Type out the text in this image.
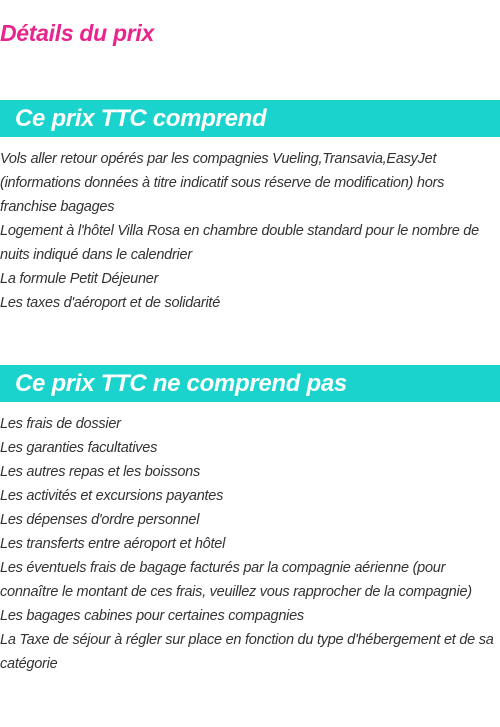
Détails du prix
Ce prix TTC comprend
Vols aller retour opérés par les compagnies Vueling,Transavia,EasyJet (informations données à titre indicatif sous réserve de modification) hors franchise bagages
Logement à l'hôtel Villa Rosa en chambre double standard pour le nombre de nuits indiqué dans le calendrier
La formule Petit Déjeuner
Les taxes d'aéroport et de solidarité
Ce prix TTC ne comprend pas
Les frais de dossier
Les garanties facultatives
Les autres repas et les boissons
Les activités et excursions payantes
Les dépenses d'ordre personnel
Les transferts entre aéroport et hôtel
Les éventuels frais de bagage facturés par la compagnie aérienne (pour connaître le montant de ces frais, veuillez vous rapprocher de la compagnie)
Les bagages cabines pour certaines compagnies
La Taxe de séjour à régler sur place en fonction du type d'hébergement et de sa catégorie
